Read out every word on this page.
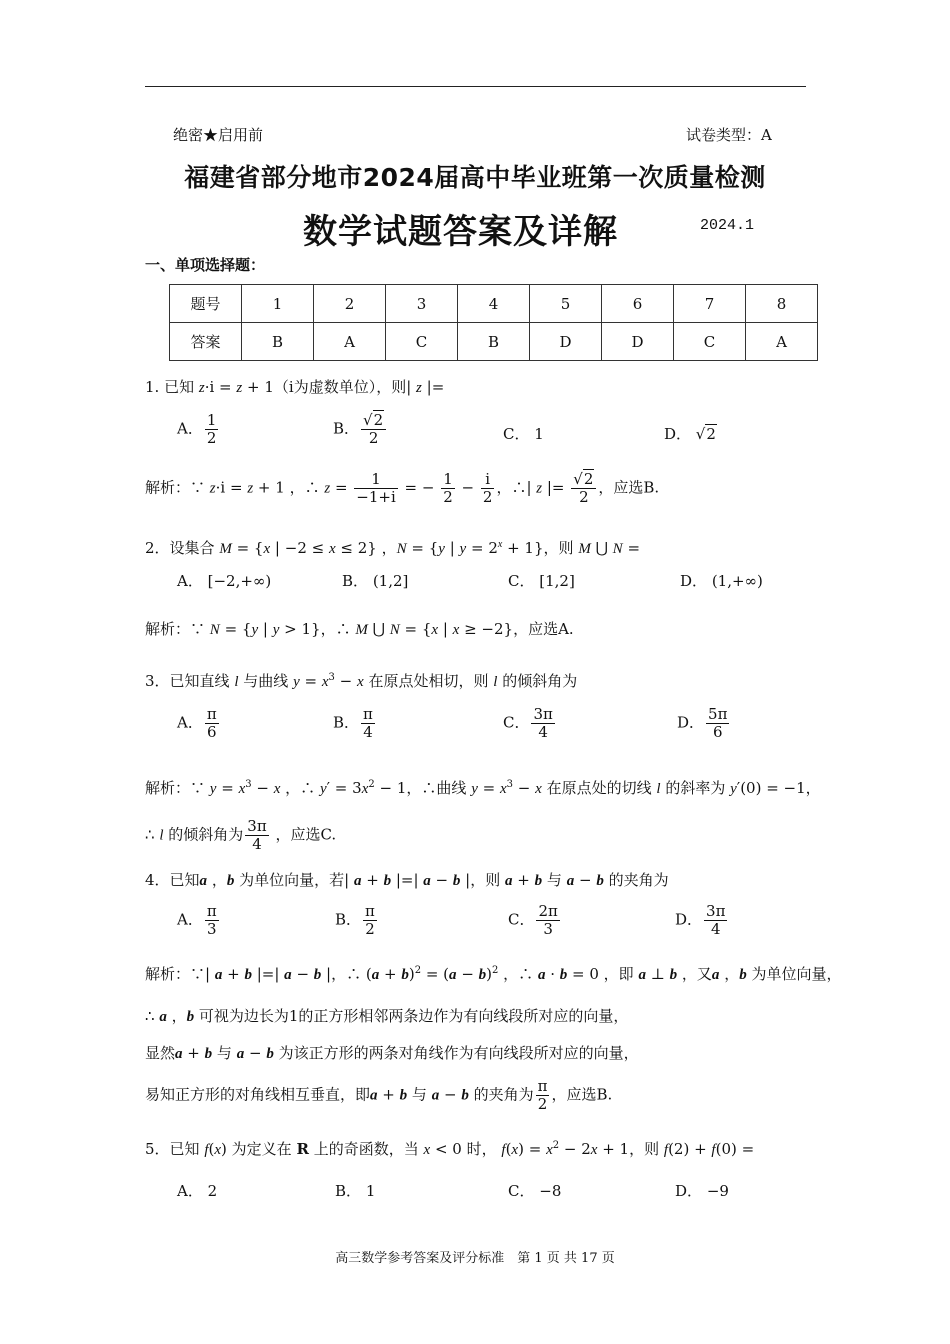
绝密★启用前	试卷类型：A
福建省部分地市2024届高中毕业班第一次质量检测
数学试题答案及详解	2024.1
一、单项选择题：
题号	1	2	3	4	5	6	7	8
答案	B	A	C	B	D	D	C	A
1. 已知 z·i = z + 1（i为虚数单位），则| z |=
A． $\frac{1}{2}$	B． $\frac{√2}{2}$	C． 1	D． √2
解析：∵ z·i = z + 1 ，∴ $z = \frac{1}{-1+i}$ = − $\frac{1}{2} - \frac{i}{2}$ ，∴| z |= $\frac{√2}{2}$ ，应选B.
2．设集合 M = {x | −2 ≤ x ≤ 2} ，N = {y | $y = 2^x + 1$}，则 M ⋃ N =
A． [−2,+∞)	B． (1,2]	C． [1,2]	D． (1,+∞)
解析：∵ N = {y | y > 1}，∴ M ⋃ N = {x | x ≥ −2}，应选A.
3．已知直线 l 与曲线 $y = x^3 - x$ 在原点处相切，则 l 的倾斜角为
A． $\frac{\pi}{6}$	B． $\frac{\pi}{4}$	C． $\frac{3\pi}{4}$	D． $\frac{5\pi}{6}$
解析：∵ $y = x^3 - x$ ，∴ $y' = 3x^2 - 1$，∴曲线 $y = x^3 - x$ 在原点处的切线 l 的斜率为 y′(0) = −1，
∴ l 的倾斜角为 $\frac{3\pi}{4}$ ，应选C.
4．已知a ，b 为单位向量，若| a + b |=| a − b |，则 a + b 与 a − b 的夹角为
A． $\frac{\pi}{3}$	B． $\frac{\pi}{2}$	C． $\frac{2\pi}{3}$	D． $\frac{3\pi}{4}$
解析：∵| a + b |=| a − b |，∴ $(a + b)^2 = (a - b)^2$ ，∴ a · b = 0 ，即 a ⊥ b ，又a ，b 为单位向量，
∴ a ，b 可视为边长为1的正方形相邻两条边作为有向线段所对应的向量，
显然a + b 与 a − b 为该正方形的两条对角线作为有向线段所对应的向量，
易知正方形的对角线相互垂直，即a + b 与 a − b 的夹角为 $\frac{\pi}{2}$ ，应选B.
5．已知 f(x) 为定义在 R 上的奇函数，当 x < 0 时， $f(x) = x^2 - 2x + 1$，则 f(2) + f(0) =
A． 2	B． 1	C． −8	D． −9
高三数学参考答案及评分标准　第 1 页 共 17 页
